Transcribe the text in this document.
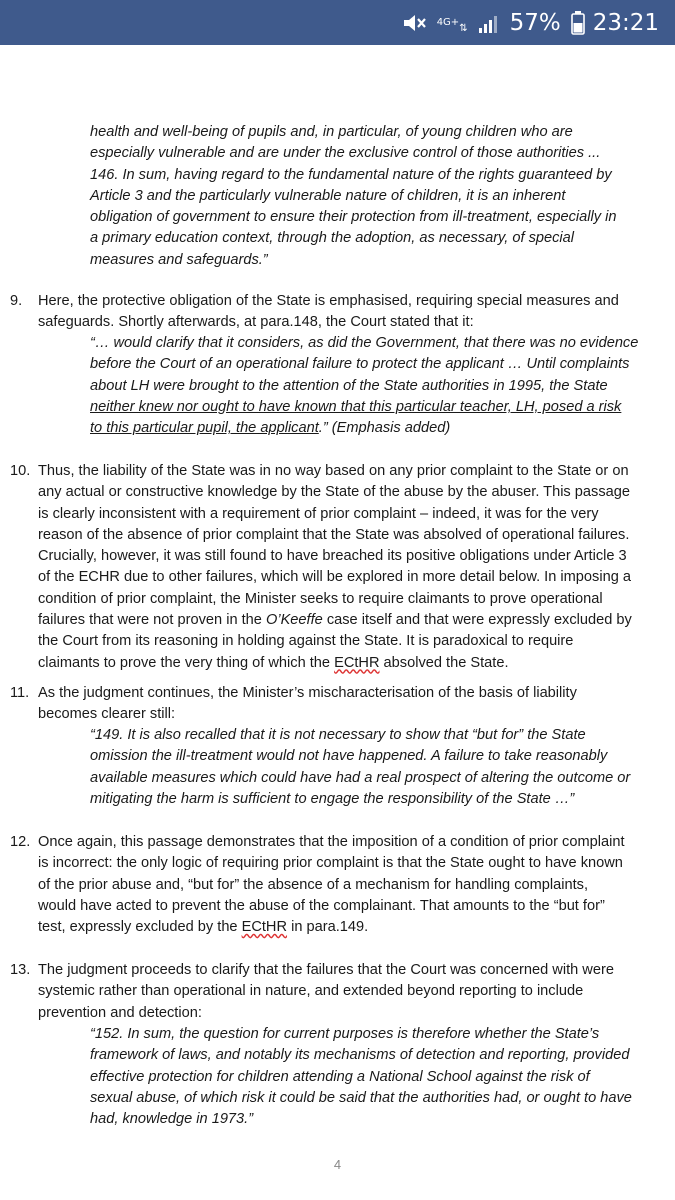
4G+ ⇅ 57% 23:21

health and well-being of pupils and, in particular, of young children who are

especially vulnerable and are under the exclusive control of those authorities ...

146. In sum, having regard to the fundamental nature of the rights guaranteed by

Article 3 and the particularly vulnerable nature of children, it is an inherent

obligation of government to ensure their protection from ill-treatment, especially in

a primary education context, through the adoption, as necessary, of special

measures and safeguards.”

9.	Here, the protective obligation of the State is emphasised, requiring special measures and

safeguards. Shortly afterwards, at para.148, the Court stated that it:

“… would clarify that it considers, as did the Government, that there was no evidence

before the Court of an operational failure to protect the applicant … Until complaints

about LH were brought to the attention of the State authorities in 1995, the State

neither knew nor ought to have known that this particular teacher, LH, posed a risk

to this particular pupil, the applicant.” (Emphasis added)

10. Thus, the liability of the State was in no way based on any prior complaint to the State or on

any actual or constructive knowledge by the State of the abuse by the abuser. This passage

is clearly inconsistent with a requirement of prior complaint – indeed, it was for the very

reason of the absence of prior complaint that the State was absolved of operational failures.

Crucially, however, it was still found to have breached its positive obligations under Article 3

of the ECHR due to other failures, which will be explored in more detail below. In imposing a

condition of prior complaint, the Minister seeks to require claimants to prove operational

failures that were not proven in the O’Keeffe case itself and that were expressly excluded by

the Court from its reasoning in holding against the State. It is paradoxical to require

claimants to prove the very thing of which the ECtHR absolved the State.

11. As the judgment continues, the Minister’s mischaracterisation of the basis of liability

becomes clearer still:

“149. It is also recalled that it is not necessary to show that “but for” the State

omission the ill-treatment would not have happened. A failure to take reasonably

available measures which could have had a real prospect of altering the outcome or

mitigating the harm is sufficient to engage the responsibility of the State …”

12. Once again, this passage demonstrates that the imposition of a condition of prior complaint

is incorrect: the only logic of requiring prior complaint is that the State ought to have known

of the prior abuse and, “but for” the absence of a mechanism for handling complaints,

would have acted to prevent the abuse of the complainant. That amounts to the “but for”

test, expressly excluded by the ECtHR in para.149.

13. The judgment proceeds to clarify that the failures that the Court was concerned with were

systemic rather than operational in nature, and extended beyond reporting to include

prevention and detection:

“152. In sum, the question for current purposes is therefore whether the State’s

framework of laws, and notably its mechanisms of detection and reporting, provided

effective protection for children attending a National School against the risk of

sexual abuse, of which risk it could be said that the authorities had, or ought to have

had, knowledge in 1973.”

4
